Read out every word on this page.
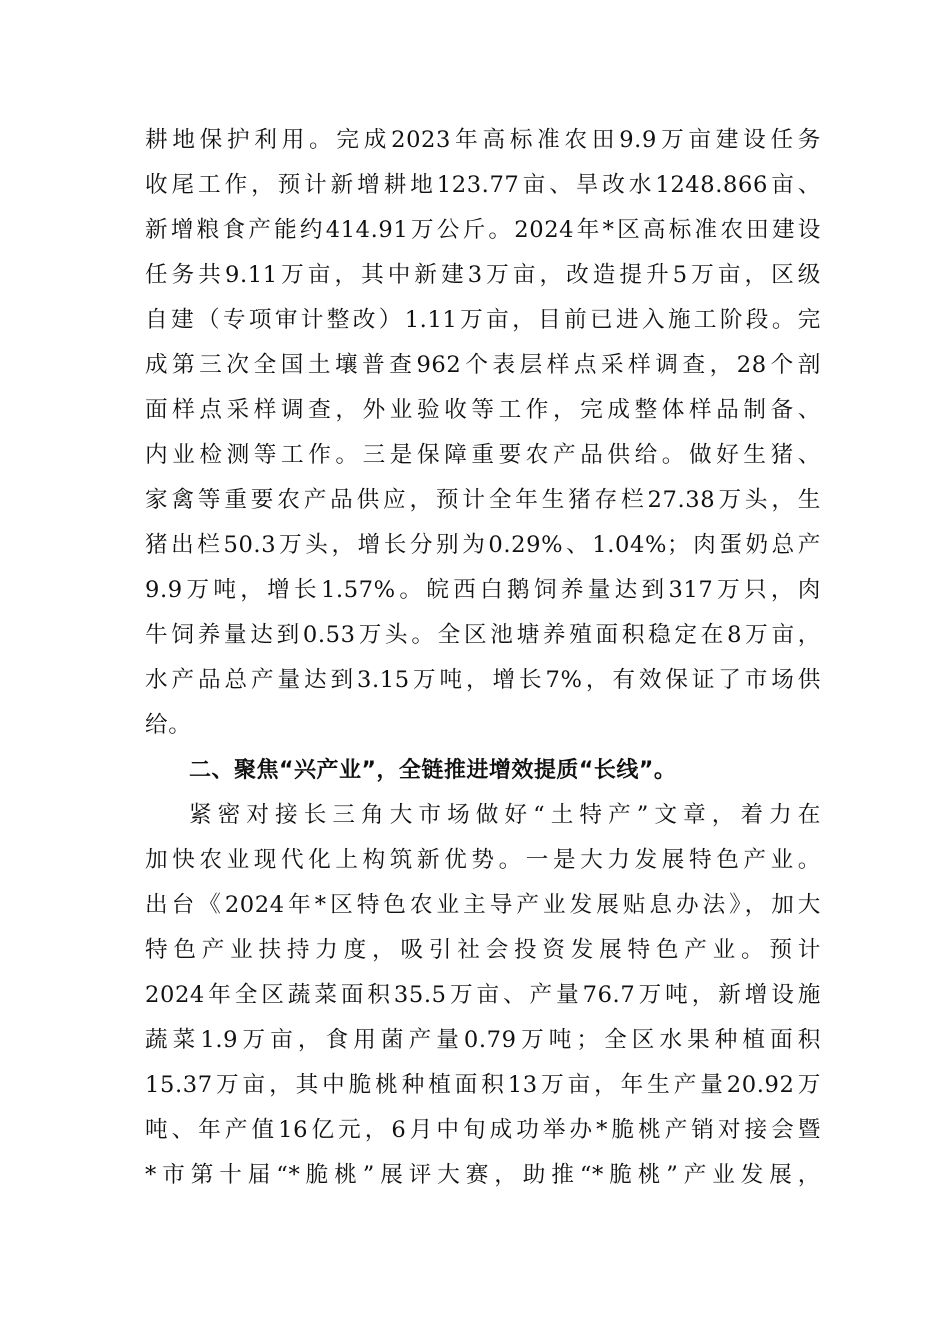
耕地保护利用。完成2023年高标准农田9.9万亩建设任务
收尾工作，预计新增耕地123.77亩、旱改水1248.866亩、
新增粮食产能约414.91万公斤。2024年*区高标准农田建设
任务共9.11万亩，其中新建3万亩，改造提升5万亩，区级
自建（专项审计整改）1.11万亩，目前已进入施工阶段。完
成第三次全国土壤普查962个表层样点采样调查，28个剖
面样点采样调查，外业验收等工作，完成整体样品制备、
内业检测等工作。三是保障重要农产品供给。做好生猪、
家禽等重要农产品供应，预计全年生猪存栏27.38万头，生
猪出栏50.3万头，增长分别为0.29%、1.04%；肉蛋奶总产
9.9万吨，增长1.57%。皖西白鹅饲养量达到317万只，肉
牛饲养量达到0.53万头。全区池塘养殖面积稳定在8万亩，
水产品总产量达到3.15万吨，增长7%，有效保证了市场供
给。
二、聚焦“兴产业”，全链推进增效提质“长线”。
紧密对接长三角大市场做好“土特产”文章，着力在
加快农业现代化上构筑新优势。一是大力发展特色产业。
出台《2024年*区特色农业主导产业发展贴息办法》，加大
特色产业扶持力度，吸引社会投资发展特色产业。预计
2024年全区蔬菜面积35.5万亩、产量76.7万吨，新增设施
蔬菜1.9万亩，食用菌产量0.79万吨；全区水果种植面积
15.37万亩，其中脆桃种植面积13万亩，年生产量20.92万
吨、年产值16亿元，6月中旬成功举办*脆桃产销对接会暨
*市第十届“*脆桃”展评大赛，助推“*脆桃”产业发展，
